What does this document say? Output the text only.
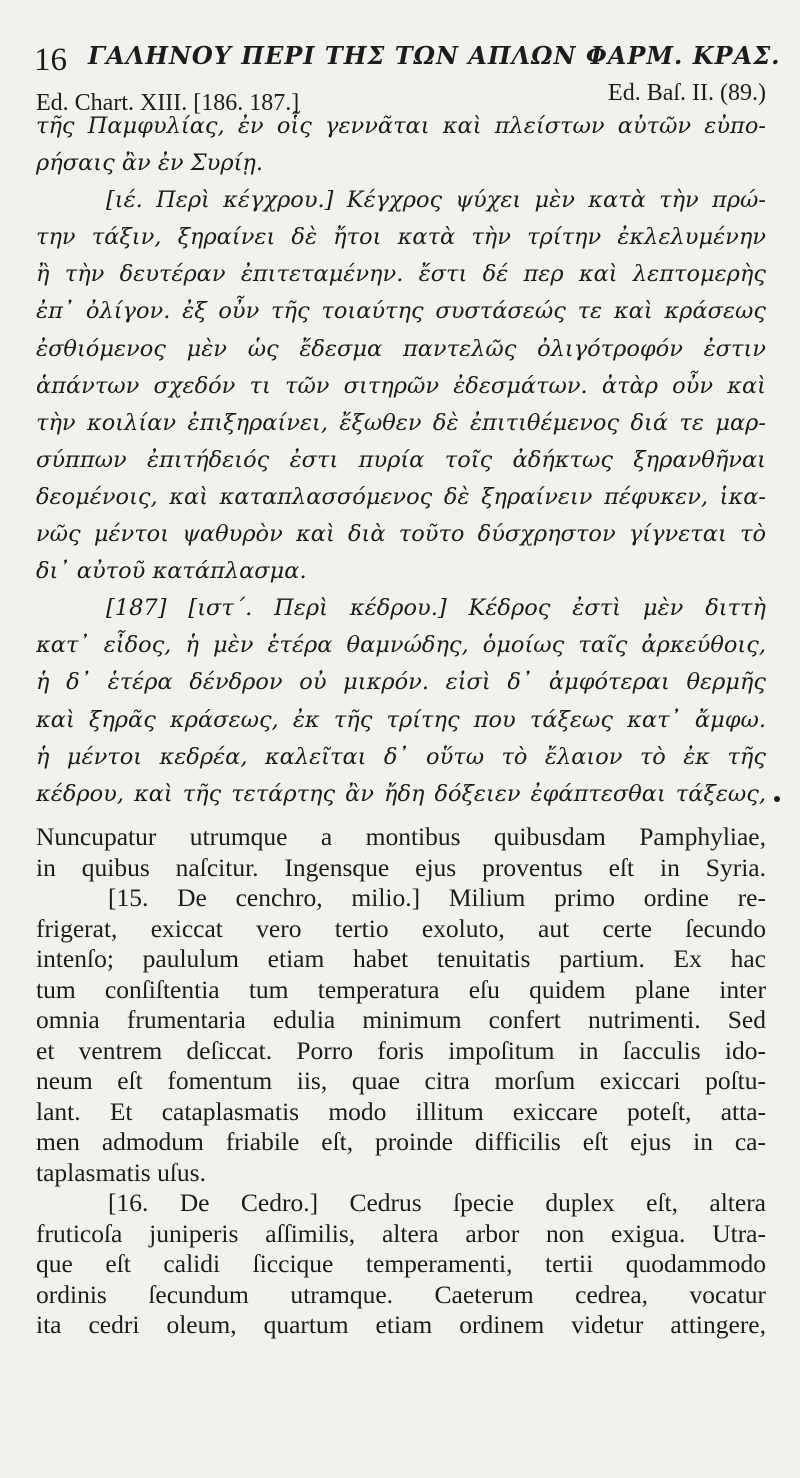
16 ΓΑΛΗΝΟΥ ΠΕΡΙ ΤΗΣ ΤΩΝ ΑΠΛΩΝ ΦΑΡΜ. ΚΡΑΣ.
Ed. Chart. XIII. [186. 187.]	Ed. Baſ. II. (89.)
τῆς Παμφυλίας, ἐν οἷς γεννᾶται καὶ πλείστων αὐτῶν εὐπο-
ρήσαις ἂν ἐν Συρίῃ.
[ιέ. Περὶ κέγχρου.] Κέγχρος ψύχει μὲν κατὰ τὴν πρώ-
την τάξιν, ξηραίνει δὲ ἤτοι κατὰ τὴν τρίτην ἐκλελυμένην
ἢ τὴν δευτέραν ἐπιτεταμένην. ἔστι δέ περ καὶ λεπτομερὴς
ἐπ᾽ ὀλίγον. ἐξ οὖν τῆς τοιαύτης συστάσεώς τε καὶ κράσεως
ἐσθιόμενος μὲν ὡς ἔδεσμα παντελῶς ὀλιγότροφόν ἐστιν
ἁπάντων σχεδόν τι τῶν σιτηρῶν ἐδεσμάτων. ἀτὰρ οὖν καὶ
τὴν κοιλίαν ἐπιξηραίνει, ἔξωθεν δὲ ἐπιτιθέμενος διά τε μαρ-
σύππων ἐπιτήδειός ἐστι πυρία τοῖς ἀδήκτως ξηρανθῆναι
δεομένοις, καὶ καταπλασσόμενος δὲ ξηραίνειν πέφυκεν, ἱκα-
νῶς μέντοι ψαθυρὸν καὶ διὰ τοῦτο δύσχρηστον γίγνεται τὸ
δι᾽ αὐτοῦ κατάπλασμα.
[187] [ιστ΄. Περὶ κέδρου.] Κέδρος ἐστὶ μὲν διττὴ
κατ᾽ εἶδος, ἡ μὲν ἑτέρα θαμνώδης, ὁμοίως ταῖς ἀρκεύθοις,
ἡ δ᾽ ἑτέρα δένδρον οὐ μικρόν. εἰσὶ δ᾽ ἀμφότεραι θερμῆς
καὶ ξηρᾶς κράσεως, ἐκ τῆς τρίτης που τάξεως κατ᾽ ἄμφω.
ἡ μέντοι κεδρέα, καλεῖται δ᾽ οὕτω τὸ ἔλαιον τὸ ἐκ τῆς
κέδρου, καὶ τῆς τετάρτης ἂν ἤδη δόξειεν ἐφάπτεσθαι τάξεως,
Nuncupatur utrumque a montibus quibusdam Pamphyliae,
in quibus naſcitur. Ingensque ejus proventus eſt in Syria.
[15. De cenchro, milio.] Milium primo ordine re-
frigerat, exiccat vero tertio exoluto, aut certe ſecundo
intenſo; paululum etiam habet tenuitatis partium. Ex hac
tum conſiſtentia tum temperatura eſu quidem plane inter
omnia frumentaria edulia minimum confert nutrimenti. Sed
et ventrem deſiccat. Porro foris impoſitum in ſacculis ido-
neum eſt fomentum iis, quae citra morſum exiccari poſtu-
lant. Et cataplasmatis modo illitum exiccare poteſt, atta-
men admodum friabile eſt, proinde difficilis eſt ejus in ca-
taplasmatis uſus.
[16. De Cedro.] Cedrus ſpecie duplex eſt, altera
fruticoſa juniperis aſſimilis, altera arbor non exigua. Utra-
que eſt calidi ſiccique temperamenti, tertii quodammodo
ordinis ſecundum utramque. Caeterum cedrea, vocatur
ita cedri oleum, quartum etiam ordinem videtur attingere,
